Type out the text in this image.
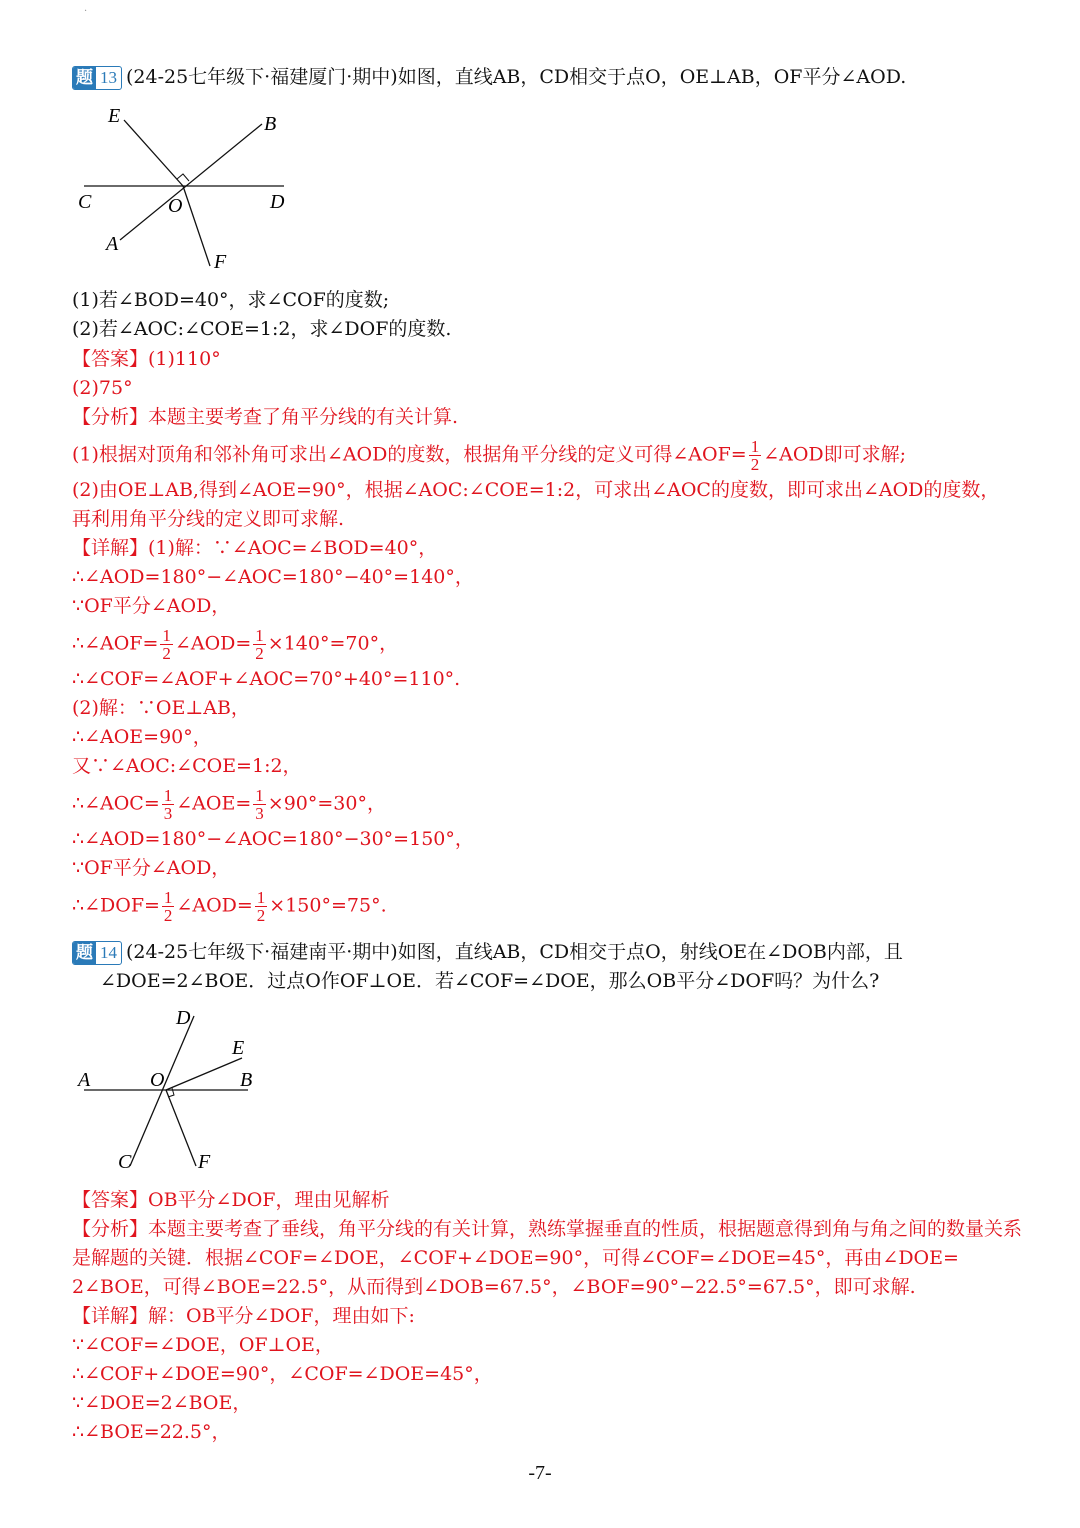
·
题 13 (24-25七年级下·福建厦门·期中)如图，直线AB，CD相交于点O，OE⊥AB，OF平分∠AOD.
E	B
C	O	D
A
F
(1)若∠BOD=40°，求∠COF的度数;
(2)若∠AOC:∠COE=1:2，求∠DOF的度数.
【答案】(1)110°
(2)75°
【分析】本题主要考查了角平分线的有关计算.
(1)根据对顶角和邻补角可求出∠AOD的度数，根据角平分线的定义可得∠AOF= $\frac{1}{2}$ ∠AOD即可求解;
(2)由OE⊥AB,得到∠AOE=90°，根据∠AOC:∠COE=1:2，可求出∠AOC的度数，即可求出∠AOD的度数，
再利用角平分线的定义即可求解.
【详解】(1)解：∵∠AOC=∠BOD=40°，
∴∠AOD=180°−∠AOC=180°−40°=140°，
∵OF平分∠AOD，
∴∠AOF= $\frac{1}{2}$ ∠AOD= $\frac{1}{2} \times 140^\circ=70^\circ$，
∴∠COF=∠AOF+∠AOC=70°+40°=110°.
(2)解：∵OE⊥AB，
∴∠AOE=90°，
又∵∠AOC:∠COE=1:2，
∴∠AOC= $\frac{1}{3}$ ∠AOE= $\frac{1}{3} \times 90^\circ=30^\circ$，
∴∠AOD=180°−∠AOC=180°−30°=150°，
∵OF平分∠AOD，
∴∠DOF= $\frac{1}{2}$ ∠AOD= $\frac{1}{2} \times 150^\circ=75^\circ$.
题 14 (24-25七年级下·福建南平·期中)如图，直线AB，CD相交于点O，射线OE在∠DOB内部，且
∠DOE=2∠BOE．过点O作OF⊥OE．若∠COF=∠DOE，那么OB平分∠DOF吗？为什么?
D
E
A	O	B
C	F
【答案】OB平分∠DOF，理由见解析
【分析】本题主要考查了垂线，角平分线的有关计算，熟练掌握垂直的性质，根据题意得到角与角之间的数量关系
是解题的关键．根据∠COF=∠DOE，∠COF+∠DOE=90°，可得∠COF=∠DOE=45°，再由∠DOE=
2∠BOE，可得∠BOE=22.5°，从而得到∠DOB=67.5°，∠BOF=90°−22.5°=67.5°，即可求解.
【详解】解：OB平分∠DOF，理由如下:
∵∠COF=∠DOE，OF⊥OE，
∴∠COF+∠DOE=90°，∠COF=∠DOE=45°，
∵∠DOE=2∠BOE，
∴∠BOE=22.5°，
-7-
